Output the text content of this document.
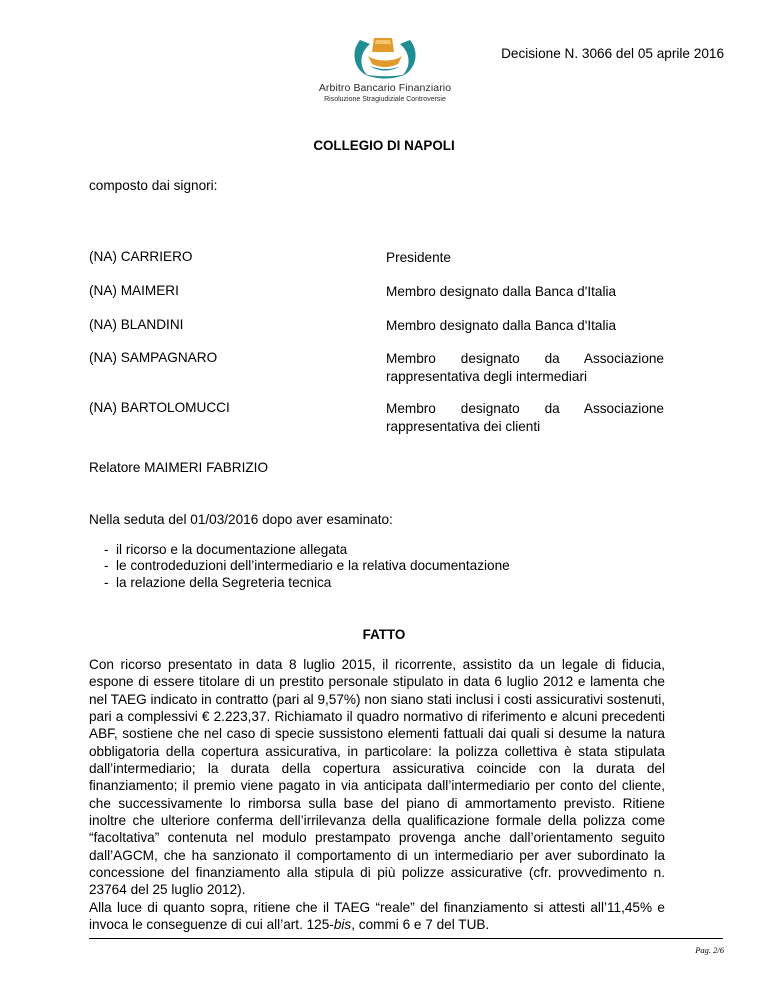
Arbitro Bancario Finanziario
Risoluzione Stragiudiziale Controversie
Decisione N. 3066 del 05 aprile 2016
COLLEGIO DI NAPOLI
composto dai signori:
(NA) CARRIERO	Presidente
(NA) MAIMERI	Membro designato dalla Banca d'Italia
(NA) BLANDINI	Membro designato dalla Banca d'Italia
(NA) SAMPAGNARO	Membro designato da Associazione
rappresentativa degli intermediari
(NA) BARTOLOMUCCI	Membro designato da Associazione
rappresentativa dei clienti
Relatore MAIMERI FABRIZIO
Nella seduta del 01/03/2016 dopo aver esaminato:
- il ricorso e la documentazione allegata
- le controdeduzioni dell’intermediario e la relativa documentazione
- la relazione della Segreteria tecnica
FATTO

Con ricorso presentato in data 8 luglio 2015, il ricorrente, assistito da un legale di fiducia, espone di essere titolare di un prestito personale stipulato in data 6 luglio 2012 e lamenta che nel TAEG indicato in contratto (pari al 9,57%) non siano stati inclusi i costi assicurativi sostenuti, pari a complessivi € 2.223,37. Richiamato il quadro normativo di riferimento e alcuni precedenti ABF, sostiene che nel caso di specie sussistono elementi fattuali dai quali si desume la natura obbligatoria della copertura assicurativa, in particolare: la polizza collettiva è stata stipulata dall’intermediario; la durata della copertura assicurativa coincide con la durata del finanziamento; il premio viene pagato in via anticipata dall’intermediario per conto del cliente, che successivamente lo rimborsa sulla base del piano di ammortamento previsto. Ritiene inoltre che ulteriore conferma dell’irrilevanza della qualificazione formale della polizza come “facoltativa” contenuta nel modulo prestampato provenga anche dall’orientamento seguito dall’AGCM, che ha sanzionato il comportamento di un intermediario per aver subordinato la concessione del finanziamento alla stipula di più polizze assicurative (cfr. provvedimento n. 23764 del 25 luglio 2012).

Alla luce di quanto sopra, ritiene che il TAEG “reale” del finanziamento si attesti all’11,45% e invoca le conseguenze di cui all’art. 125-bis, commi 6 e 7 del TUB.

Pag. 2/6
